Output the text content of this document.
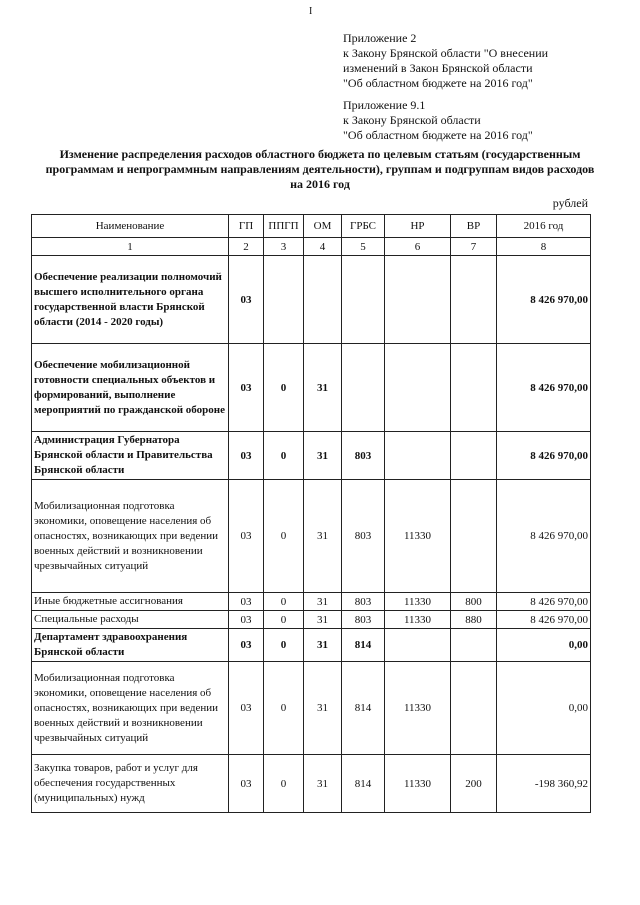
I
Приложение 2
к Закону Брянской области "О внесении
изменений в Закон Брянской области
"Об областном бюджете на 2016 год"
Приложение 9.1
к Закону Брянской области
"Об областном бюджете на 2016 год"
Изменение распределения расходов областного бюджета по целевым статьям (государственным программам и непрограммным направлениям деятельности), группам и подгруппам видов расходов на 2016 год
рублей
Наименование	ГП	ППГП	ОМ	ГРБС	НР	ВР	2016 год
1	2	3	4	5	6	7	8
Обеспечение реализации полномочий высшего исполнительного органа государственной власти Брянской области (2014 - 2020 годы)	03						8 426 970,00
Обеспечение мобилизационной готовности специальных объектов и формирований, выполнение мероприятий по гражданской обороне	03	0	31				8 426 970,00
Администрация Губернатора Брянской области и Правительства Брянской области	03	0	31	803			8 426 970,00
Мобилизационная подготовка экономики, оповещение населения об опасностях, возникающих при ведении военных действий и возникновении чрезвычайных ситуаций	03	0	31	803	11330		8 426 970,00
Иные бюджетные ассигнования	03	0	31	803	11330	800	8 426 970,00
Специальные расходы	03	0	31	803	11330	880	8 426 970,00
Департамент здравоохранения Брянской области	03	0	31	814			0,00
Мобилизационная подготовка экономики, оповещение населения об опасностях, возникающих при ведении военных действий и возникновении чрезвычайных ситуаций	03	0	31	814	11330		0,00
Закупка товаров, работ и услуг для обеспечения государственных (муниципальных) нужд	03	0	31	814	11330	200	-198 360,92
